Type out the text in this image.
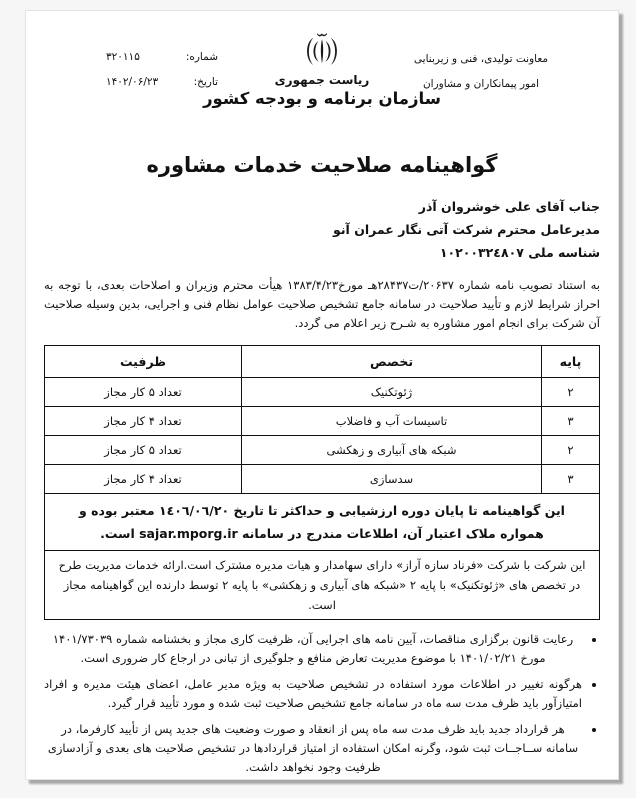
شماره:
۳۲۰۱۱۵
تاریخ:
۱۴۰۲/۰۶/۲۳	ریاست جمهوری
سازمان برنامه و بودجه کشور
معاونت تولیدی، فنی و زیربنایی
امور پیمانکاران و مشاوران
گواهینامه صلاحیت خدمات مشاوره
جناب آقای علی خوشروان آذر
مدیرعامل محترم شرکت آتی نگار عمران آنو
شناسه ملی ۱۰۲۰۰۳۲٤۸۰۷

به استناد تصویب نامه شماره ۲۰۶۳۷/ت۲۸۴۳۷هـ مورخ۱۳۸۳/۴/۲۳ هیأت محترم وزیران و اصلاحات بعدی، با توجه به احراز شرایط لازم و تأیید صلاحیت در سامانه جامع تشخیص صلاحیت عوامل نظام فنی و اجرایی، بدین وسیله صلاحیت آن شرکت برای انجام امور مشاوره به شـرح زیر اعلام می گردد.

پایه	تخصص	ظرفیت
۲	ژئوتکنیک	تعداد ۵ کار مجاز
۳	تاسیسات آب و فاضلاب	تعداد ۴ کار مجاز
۲	شبکه های آبیاری و زهکشی	تعداد ۵ کار مجاز
۳	سدسازی	تعداد ۴ کار مجاز
این گواهینامه تا پایان دوره ارزشیابی و حداکثر تا تاریخ ١٤٠٦/٠٦/٢٠ معتبر بوده و همواره ملاک اعتبار آن، اطلاعات مندرج در سامانه sajar.mporg.ir است.		
این شرکت با شرکت «فرناد سازه آراز» دارای سهامدار و هیات مدیره مشترک است.ارائه خدمات مدیریت طرح در تخصص های «ژئوتکنیک» با پایه ۲ «شبکه های آبیاری و زهکشی» با پایه ۲ توسط دارنده این گواهینامه مجاز است.		
• رعایت قانون برگزاری مناقصات، آیین نامه های اجرایی آن، ظرفیت کاری مجاز و بخشنامه شماره ۱۴۰۱/۷۳۰۳۹ مورخ ۱۴۰۱/۰۲/۲۱ با موضوع مدیریت تعارض منافع و جلوگیری از تبانی در ارجاع کار ضروری است.
• هرگونه تغییر در اطلاعات مورد استفاده در تشخیص صلاحیت به ویژه مدیر عامل، اعضای هیئت مدیره و افراد امتیازآور باید ظرف مدت سه ماه در سامانه جامع تشخیص صلاحیت ثبت شده و مورد تأیید قرار گیرد.
• هر قرارداد جدید باید ظرف مدت سه ماه پس از انعقاد و صورت وضعیت های جدید پس از تأیید کارفرما، در سامانه ســاجــات ثبت شود، وگرنه امکان استفاده از امتیاز قراردادها در تشخیص صلاحیت های بعدی و آزادسازی ظرفیت وجود نخواهد داشت.
